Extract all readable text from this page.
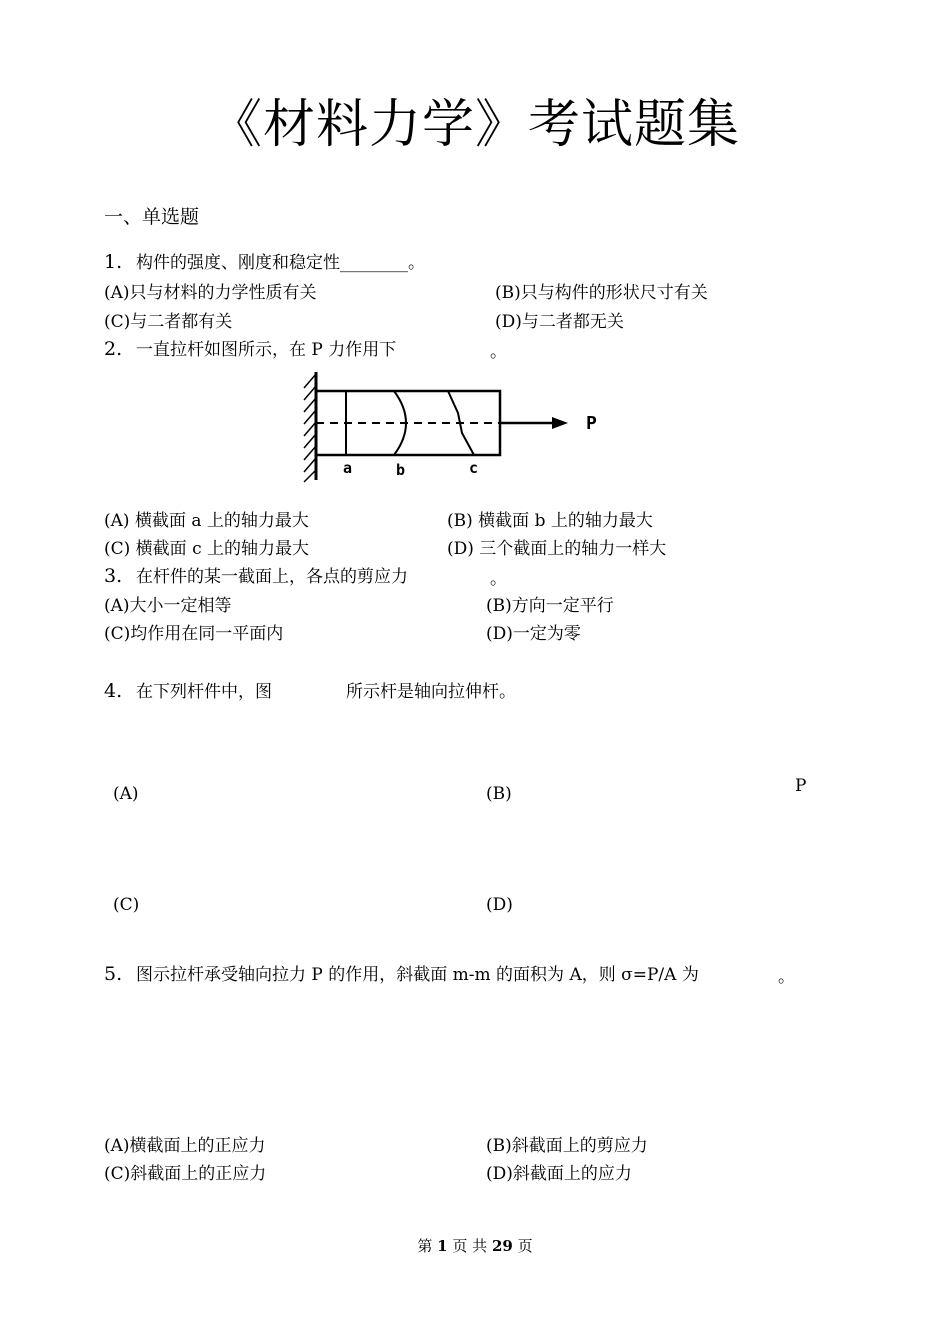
《材料力学》考试题集
一、单选题
1. 构件的强度、刚度和稳定性________。
(A)只与材料的力学性质有关	(B)只与构件的形状尺寸有关
(C)与二者都有关	(D)与二者都无关
2. 一直拉杆如图所示，在 P 力作用下	。
P
a	b	c
(A) 横截面 a 上的轴力最大	(B) 横截面 b 上的轴力最大
(C) 横截面 c 上的轴力最大	(D) 三个截面上的轴力一样大
3. 在杆件的某一截面上，各点的剪应力	。
(A)大小一定相等	(B)方向一定平行
(C)均作用在同一平面内	(D)一定为零
4. 在下列杆件中，图	所示杆是轴向拉伸杆。
(A)	(B)	P
(C)	(D)
5. 图示拉杆承受轴向拉力 P 的作用，斜截面 m-m 的面积为 A，则 σ=P/A 为	。
(A)横截面上的正应力	(B)斜截面上的剪应力
(C)斜截面上的正应力	(D)斜截面上的应力
第 1 页 共 29 页
